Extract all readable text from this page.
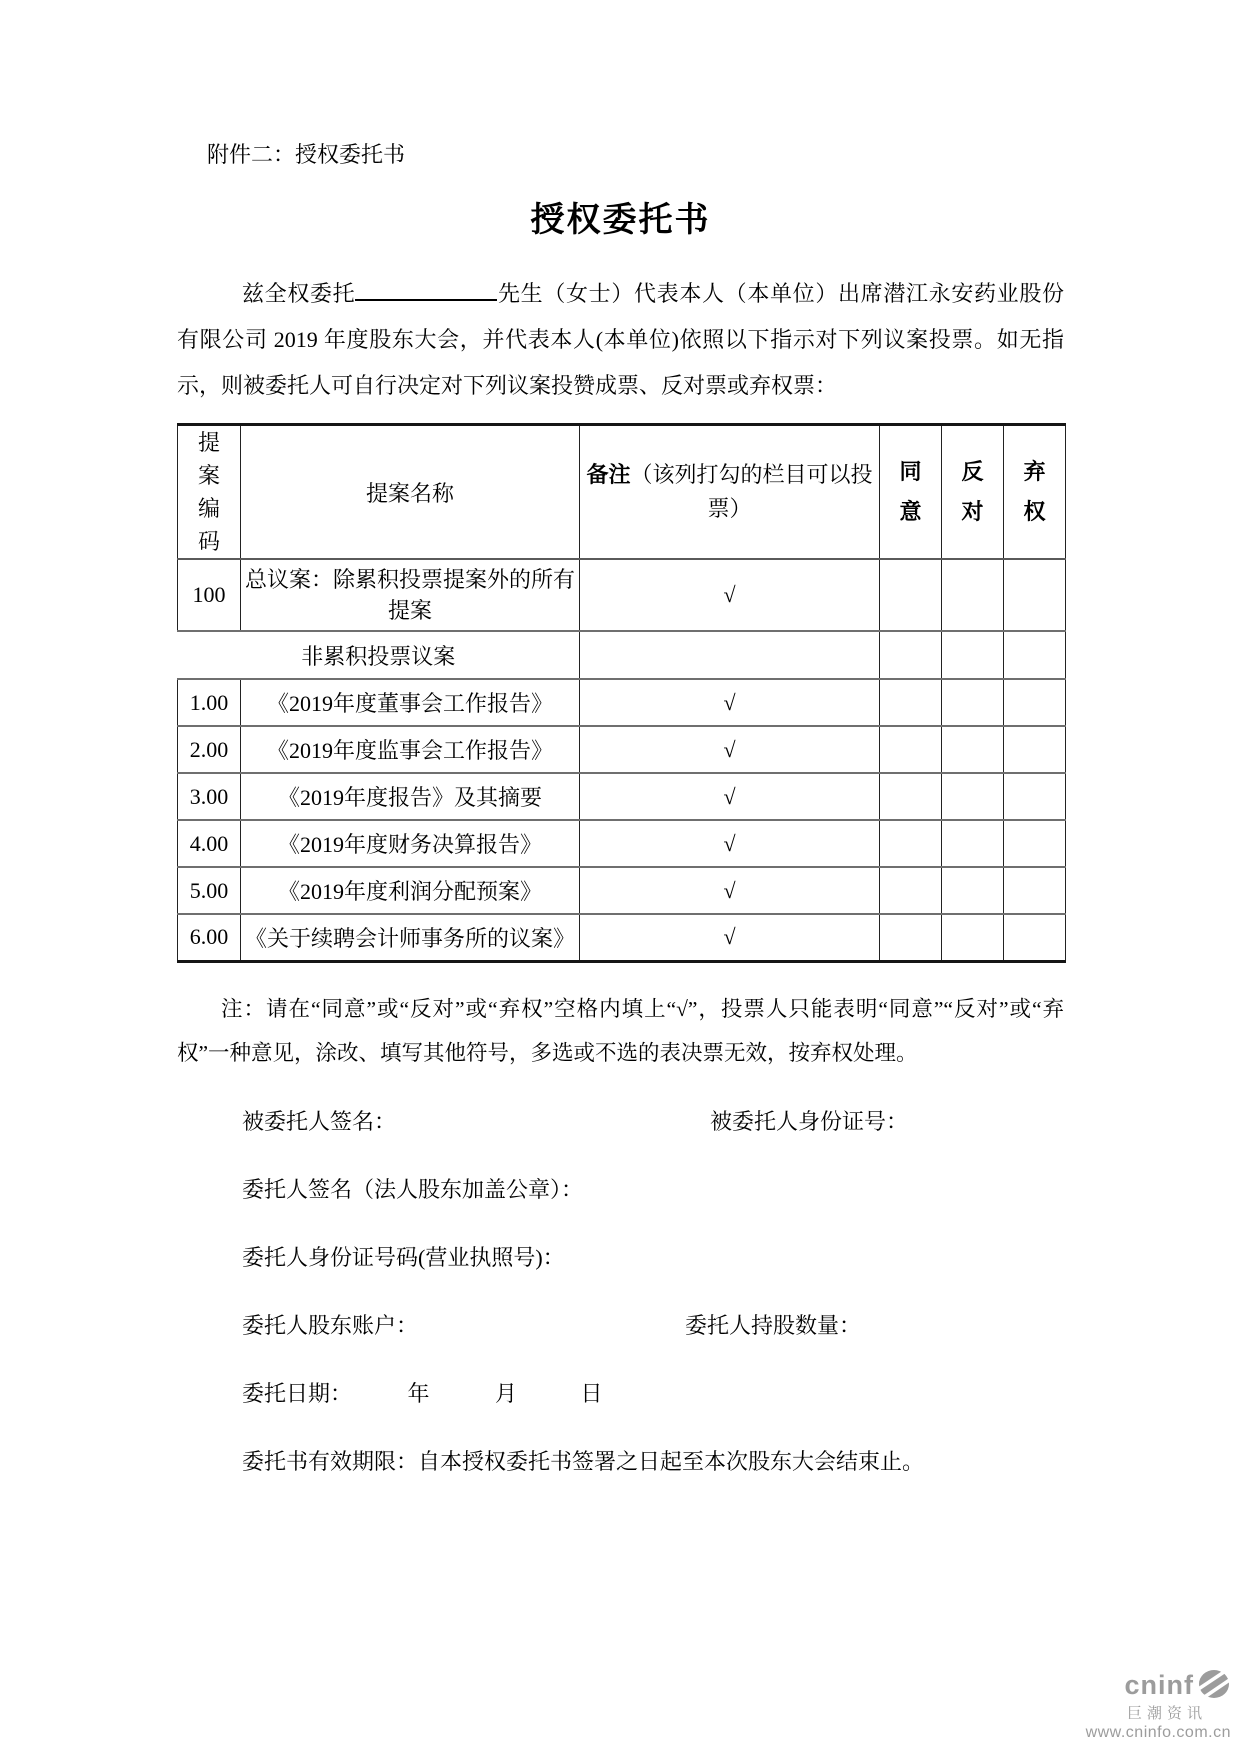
附件二：授权委托书
授权委托书

兹全权委托	先生（女士）代表本人（本单位）出席潜江永安药业股份有限公司 2019 年度股东大会，并代表本人(本单位)依照以下指示对下列议案投票。如无指示，则被委托人可自行决定对下列议案投赞成票、反对票或弃权票：

提案编码	提案名称	备注（该列打勾的栏目可以投票）	同意	反对	弃权

100	总议案：除累积投票提案外的所有提案	√			
非累积投票议案					
1.00	《2019年度董事会工作报告》	√			
2.00	《2019年度监事会工作报告》	√			
3.00	《2019年度报告》及其摘要	√			
4.00	《2019年度财务决算报告》	√			
5.00	《2019年度利润分配预案》	√			
6.00	《关于续聘会计师事务所的议案》	√			

注：请在“同意”或“反对”或“弃权”空格内填上“√”，投票人只能表明“同意”“反对”或“弃权”一种意见，涂改、填写其他符号，多选或不选的表决票无效，按弃权处理。

被委托人签名：	被委托人身份证号：
委托人签名（法人股东加盖公章）：
委托人身份证号码(营业执照号)：
委托人股东账户：	委托人持股数量：
委托日期：	年	月	日
委托书有效期限：自本授权委托书签署之日起至本次股东大会结束止。
cninf
巨潮资讯
www.cninfo.com.cn
